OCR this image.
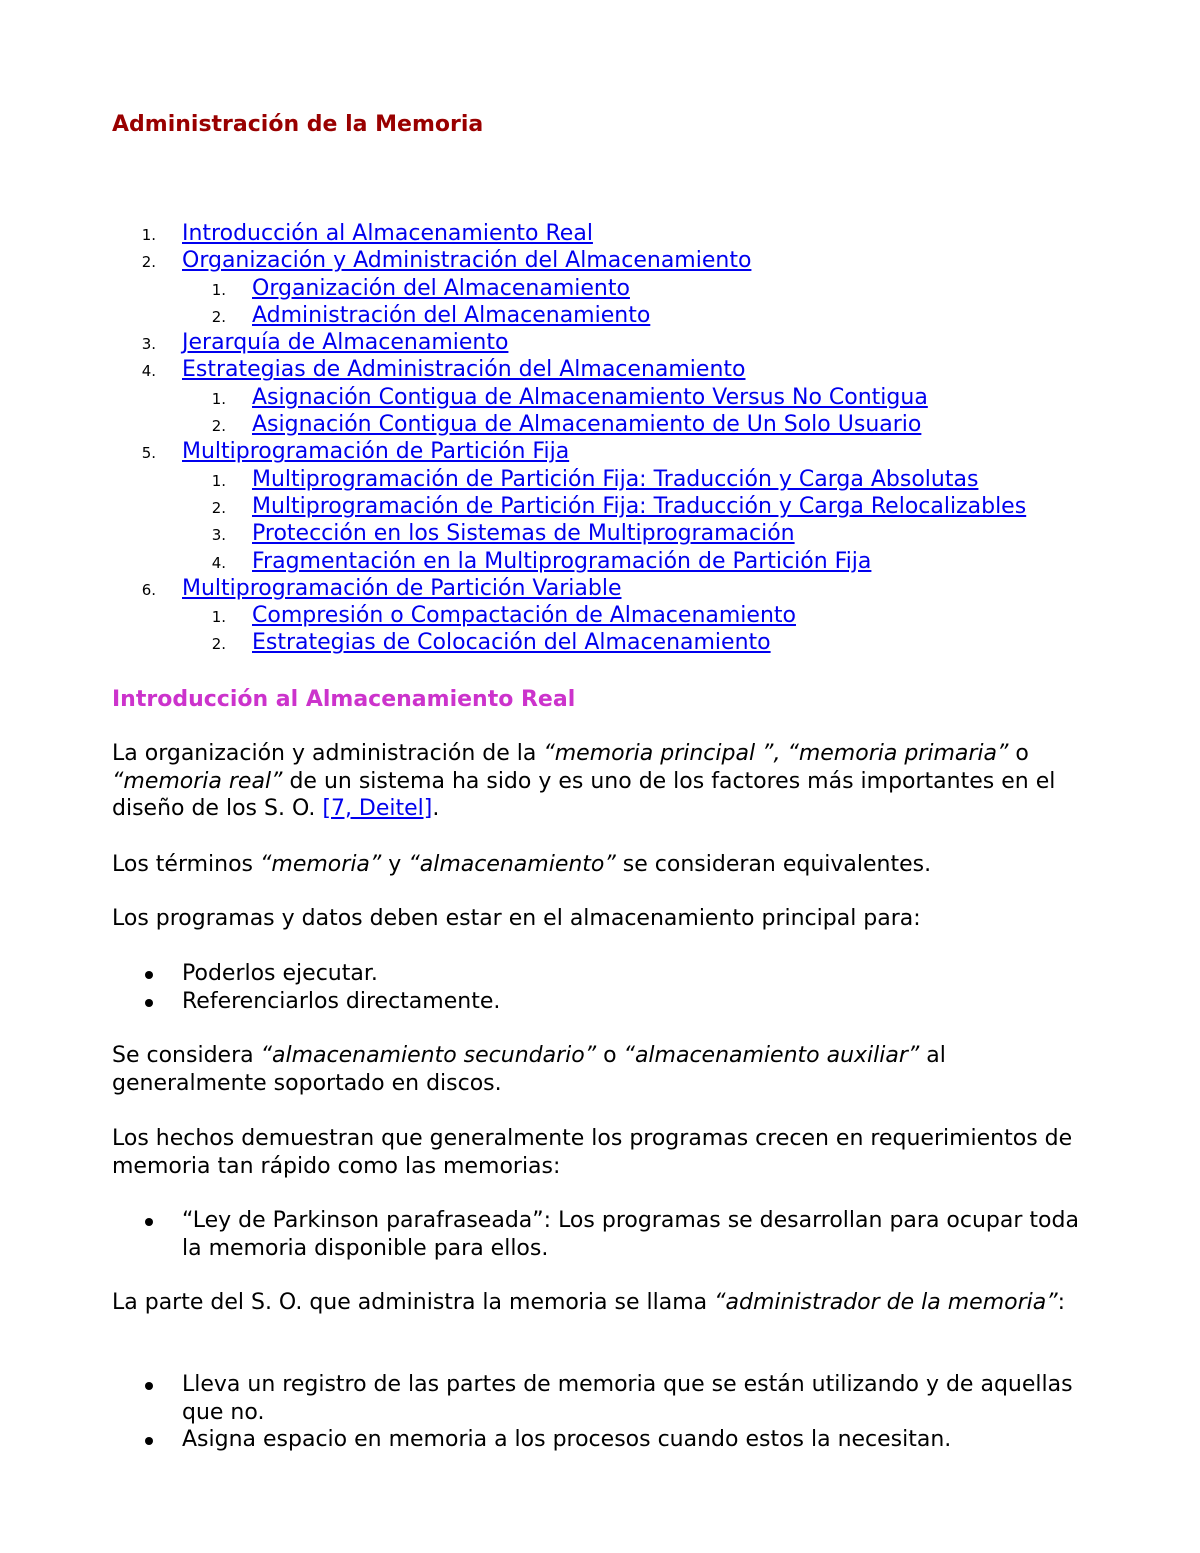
Administración de la Memoria
1. Introducción al Almacenamiento Real
2. Organización y Administración del Almacenamiento
1. Organización del Almacenamiento
2. Administración del Almacenamiento
3. Jerarquía de Almacenamiento
4. Estrategias de Administración del Almacenamiento
1. Asignación Contigua de Almacenamiento Versus No Contigua
2. Asignación Contigua de Almacenamiento de Un Solo Usuario
5. Multiprogramación de Partición Fija
1. Multiprogramación de Partición Fija: Traducción y Carga Absolutas
2. Multiprogramación de Partición Fija: Traducción y Carga Relocalizables
3. Protección en los Sistemas de Multiprogramación
4. Fragmentación en la Multiprogramación de Partición Fija
6. Multiprogramación de Partición Variable
1. Compresión o Compactación de Almacenamiento
2. Estrategias de Colocación del Almacenamiento
Introducción al Almacenamiento Real

La organización y administración de la “memoria principal ”, “memoria primaria” o “memoria real” de un sistema ha sido y es uno de los factores más importantes en el diseño de los S. O. [7, Deitel].

Los términos “memoria” y “almacenamiento” se consideran equivalentes.

Los programas y datos deben estar en el almacenamiento principal para:

Poderlos ejecutar.
Referenciarlos directamente.

Se considera “almacenamiento secundario” o “almacenamiento auxiliar” al generalmente soportado en discos.

Los hechos demuestran que generalmente los programas crecen en requerimientos de memoria tan rápido como las memorias:

“Ley de Parkinson parafraseada”: Los programas se desarrollan para ocupar toda la memoria disponible para ellos.

La parte del S. O. que administra la memoria se llama “administrador de la memoria”:

Lleva un registro de las partes de memoria que se están utilizando y de aquellas que no.
Asigna espacio en memoria a los procesos cuando estos la necesitan.
